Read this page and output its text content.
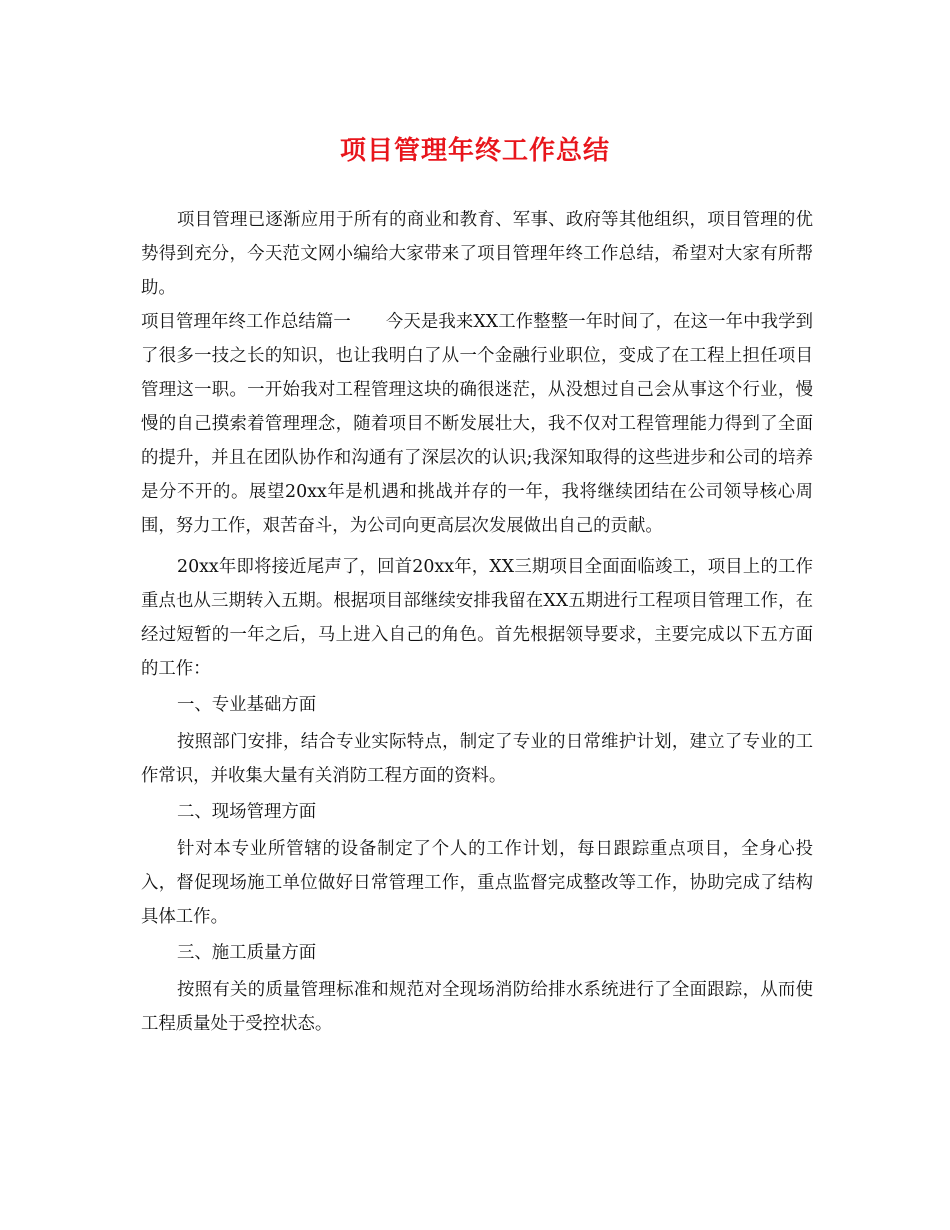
项目管理年终工作总结

项目管理已逐渐应用于所有的商业和教育、军事、政府等其他组织，项目管理的优势得到充分，今天范文网小编给大家带来了项目管理年终工作总结，希望对大家有所帮助。

项目管理年终工作总结篇一　　今天是我来XX工作整整一年时间了，在这一年中我学到了很多一技之长的知识，也让我明白了从一个金融行业职位，变成了在工程上担任项目管理这一职。一开始我对工程管理这块的确很迷茫，从没想过自己会从事这个行业，慢慢的自己摸索着管理理念，随着项目不断发展壮大，我不仅对工程管理能力得到了全面的提升，并且在团队协作和沟通有了深层次的认识;我深知取得的这些进步和公司的培养是分不开的。展望20xx年是机遇和挑战并存的一年，我将继续团结在公司领导核心周围，努力工作，艰苦奋斗，为公司向更高层次发展做出自己的贡献。

20xx年即将接近尾声了，回首20xx年，XX三期项目全面面临竣工，项目上的工作重点也从三期转入五期。根据项目部继续安排我留在XX五期进行工程项目管理工作，在经过短暂的一年之后，马上进入自己的角色。首先根据领导要求，主要完成以下五方面的工作：

一、专业基础方面

按照部门安排，结合专业实际特点，制定了专业的日常维护计划，建立了专业的工作常识，并收集大量有关消防工程方面的资料。

二、现场管理方面

针对本专业所管辖的设备制定了个人的工作计划，每日跟踪重点项目，全身心投入，督促现场施工单位做好日常管理工作，重点监督完成整改等工作，协助完成了结构具体工作。

三、施工质量方面

按照有关的质量管理标准和规范对全现场消防给排水系统进行了全面跟踪，从而使工程质量处于受控状态。
